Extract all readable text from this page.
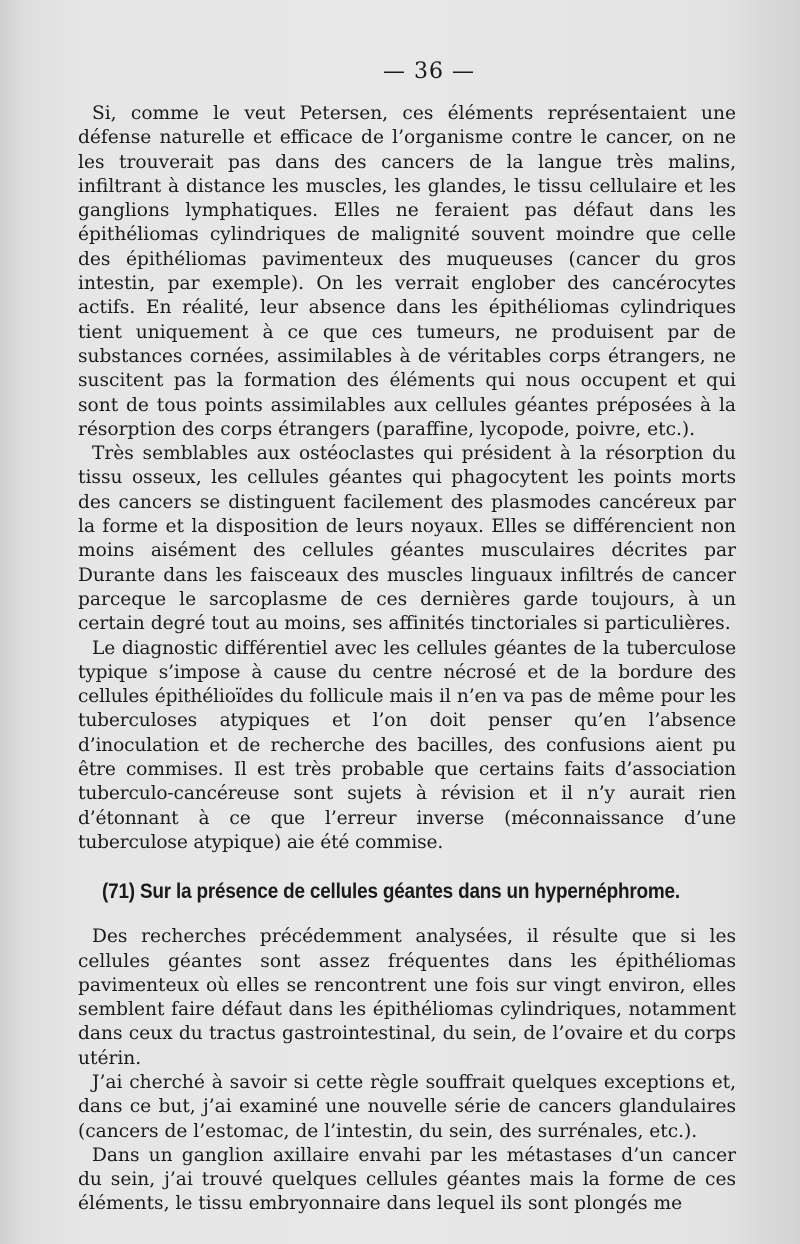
— 36 —

Si, comme le veut Petersen, ces éléments représentaient une défense naturelle et efficace de l’organisme contre le cancer, on ne les trouverait pas dans des cancers de la langue très malins, infiltrant à distance les muscles, les glandes, le tissu cellulaire et les ganglions lymphatiques. Elles ne feraient pas défaut dans les épithéliomas cylindriques de malignité souvent moindre que celle des épithéliomas pavimenteux des muqueuses (cancer du gros intestin, par exemple). On les verrait englober des cancérocytes actifs. En réalité, leur absence dans les épithéliomas cylindriques tient uniquement à ce que ces tumeurs, ne produisent par de substances cornées, assimilables à de véritables corps étrangers, ne suscitent pas la formation des éléments qui nous occupent et qui sont de tous points assimilables aux cellules géantes préposées à la résorption des corps étrangers (paraffine, lycopode, poivre, etc.).

Très semblables aux ostéoclastes qui président à la résorption du tissu osseux, les cellules géantes qui phagocytent les points morts des cancers se distinguent facilement des plasmodes cancéreux par la forme et la disposition de leurs noyaux. Elles se différencient non moins aisément des cellules géantes musculaires décrites par Durante dans les faisceaux des muscles linguaux infiltrés de cancer parceque le sarcoplasme de ces dernières garde toujours, à un certain degré tout au moins, ses affinités tinctoriales si particulières.

Le diagnostic différentiel avec les cellules géantes de la tuberculose typique s’impose à cause du centre nécrosé et de la bordure des cellules épithélioïdes du follicule mais il n’en va pas de même pour les tuberculoses atypiques et l’on doit penser qu’en l’absence d’inoculation et de recherche des bacilles, des confusions aient pu être commises. Il est très probable que certains faits d’association tuberculo-cancéreuse sont sujets à révision et il n’y aurait rien d’étonnant à ce que l’erreur inverse (méconnaissance d’une tuberculose atypique) aie été commise.

(71) Sur la présence de cellules géantes dans un hypernéphrome.

Des recherches précédemment analysées, il résulte que si les cellules géantes sont assez fréquentes dans les épithéliomas pavimenteux où elles se rencontrent une fois sur vingt environ, elles semblent faire défaut dans les épithéliomas cylindriques, notamment dans ceux du tractus gastrointestinal, du sein, de l’ovaire et du corps utérin.

J’ai cherché à savoir si cette règle souffrait quelques exceptions et, dans ce but, j’ai examiné une nouvelle série de cancers glandulaires (cancers de l’estomac, de l’intestin, du sein, des surrénales, etc.).

Dans un ganglion axillaire envahi par les métastases d’un cancer du sein, j’ai trouvé quelques cellules géantes mais la forme de ces éléments, le tissu embryonnaire dans lequel ils sont plongés me
